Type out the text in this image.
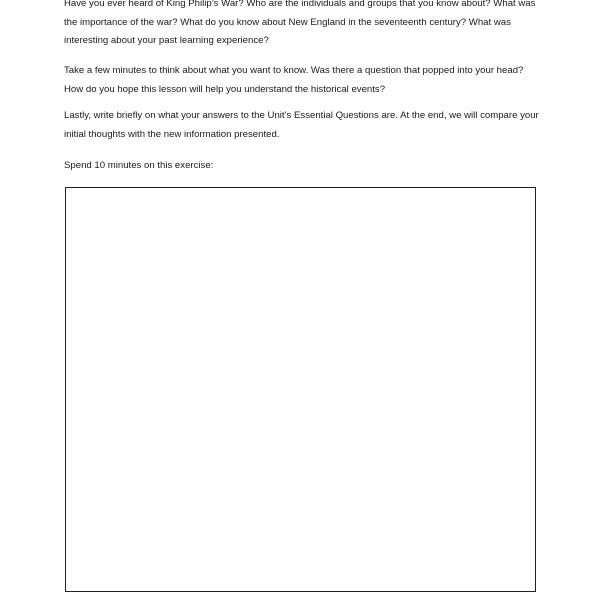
Have you ever heard of King Philip’s War? Who are the individuals and groups that you know about? What was the importance of the war? What do you know about New England in the seventeenth century? What was interesting about your past learning experience?

Take a few minutes to think about what you want to know. Was there a question that popped into your head? How do you hope this lesson will help you understand the historical events?

Lastly, write briefly on what your answers to the Unit’s Essential Questions are. At the end, we will compare your initial thoughts with the new information presented.

Spend 10 minutes on this exercise:
